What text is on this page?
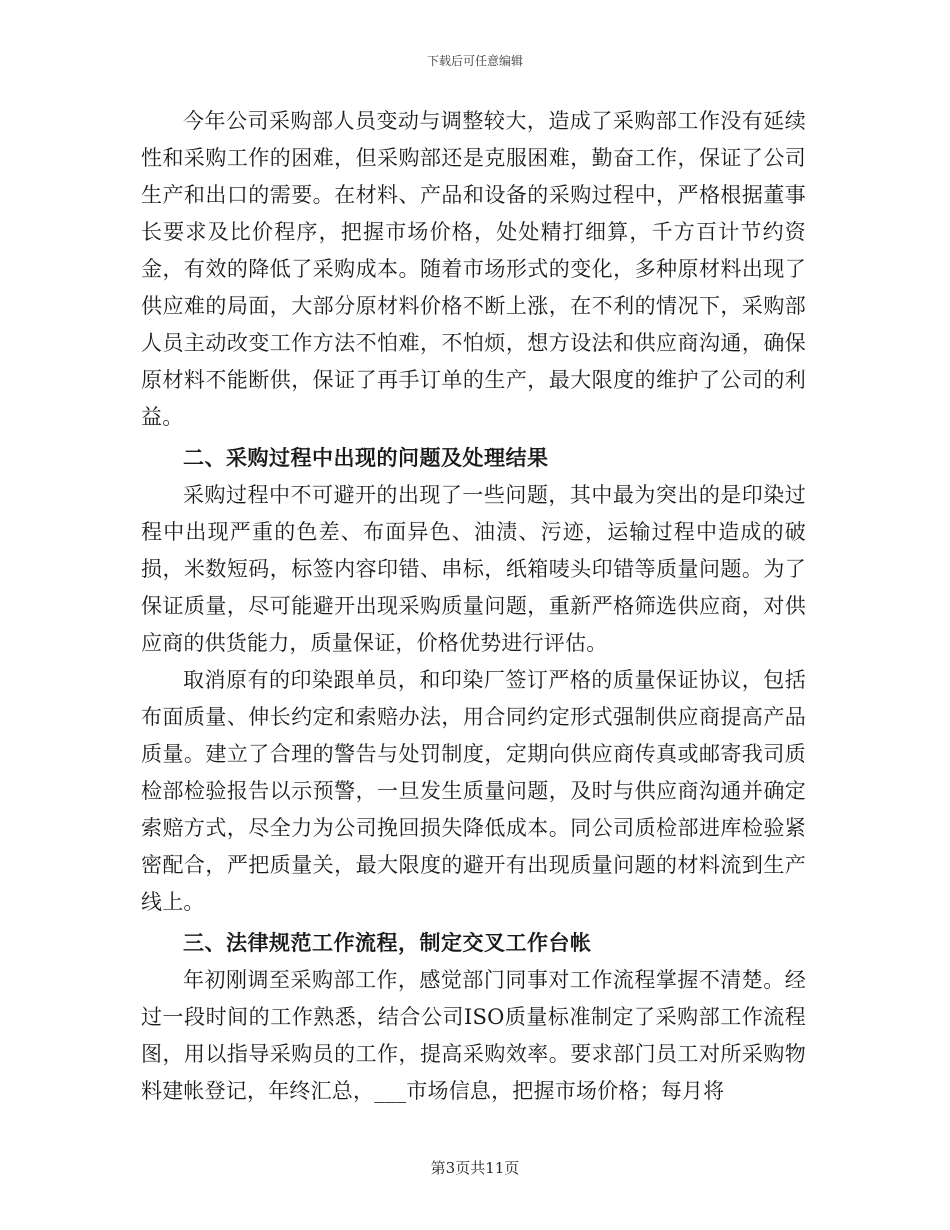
下载后可任意编辑

今年公司采购部人员变动与调整较大，造成了采购部工作没有延续性和采购工作的困难，但采购部还是克服困难，勤奋工作，保证了公司生产和出口的需要。在材料、产品和设备的采购过程中，严格根据董事长要求及比价程序，把握市场价格，处处精打细算，千方百计节约资金，有效的降低了采购成本。随着市场形式的变化，多种原材料出现了供应难的局面，大部分原材料价格不断上涨，在不利的情况下，采购部人员主动改变工作方法不怕难，不怕烦，想方设法和供应商沟通，确保原材料不能断供，保证了再手订单的生产，最大限度的维护了公司的利益。

二、采购过程中出现的问题及处理结果

采购过程中不可避开的出现了一些问题，其中最为突出的是印染过程中出现严重的色差、布面异色、油渍、污迹，运输过程中造成的破损，米数短码，标签内容印错、串标，纸箱唛头印错等质量问题。为了保证质量，尽可能避开出现采购质量问题，重新严格筛选供应商，对供应商的供货能力，质量保证，价格优势进行评估。

取消原有的印染跟单员，和印染厂签订严格的质量保证协议，包括布面质量、伸长约定和索赔办法，用合同约定形式强制供应商提高产品质量。建立了合理的警告与处罚制度，定期向供应商传真或邮寄我司质检部检验报告以示预警，一旦发生质量问题，及时与供应商沟通并确定索赔方式，尽全力为公司挽回损失降低成本。同公司质检部进库检验紧密配合，严把质量关，最大限度的避开有出现质量问题的材料流到生产线上。

三、法律规范工作流程，制定交叉工作台帐

年初刚调至采购部工作，感觉部门同事对工作流程掌握不清楚。经过一段时间的工作熟悉，结合公司ISO质量标准制定了采购部工作流程图，用以指导采购员的工作，提高采购效率。要求部门员工对所采购物料建帐登记，年终汇总，___市场信息，把握市场价格；每月将

第3页共11页
